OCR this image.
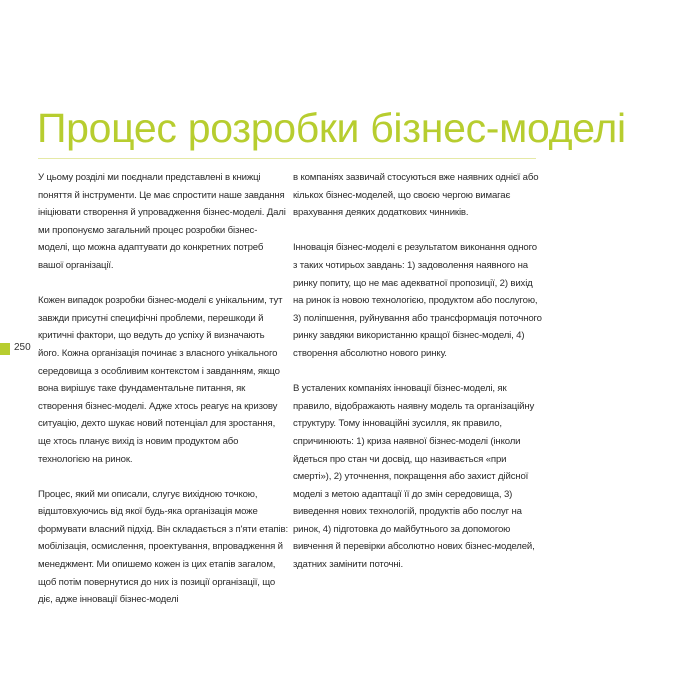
Процес розробки бізнес-моделі

У цьому розділі ми поєднали представлені в книжці поняття й інструменти. Це має спростити наше завдання ініціювати створення й упровадження бізнес-моделі. Далі ми пропонуємо загальний процес розробки бізнес-моделі, що можна адаптувати до конкретних потреб вашої організації.

Кожен випадок розробки бізнес-моделі є унікальним, тут завжди присутні специфічні проблеми, перешкоди й критичні фактори, що ведуть до успіху й визначають його. Кожна організація починає з власного унікального середовища з особливим контекстом і завданням, якщо вона вирішує таке фундаментальне питання, як створення бізнес-моделі. Адже хтось реагує на кризову ситуацію, дехто шукає новий потенціал для зростання, ще хтось планує вихід із новим продуктом або технологією на ринок.

Процес, який ми описали, слугує вихідною точкою, відштовхуючись від якої будь-яка організація може формувати власний підхід. Він складається з п'яти етапів: мобілізація, осмислення, проектування, впровадження й менеджмент. Ми опишемо кожен із цих етапів загалом, щоб потім повернутися до них із позиції організації, що діє, адже інновації бізнес-моделі

в компаніях зазвичай стосуються вже наявних однієї або кількох бізнес-моделей, що своєю чергою вимагає врахування деяких додаткових чинників.

Інновація бізнес-моделі є результатом виконання одного з таких чотирьох завдань: 1) задоволення наявного на ринку попиту, що не має адекватної пропозиції, 2) вихід на ринок із новою технологією, продуктом або послугою, 3) поліпшення, руйнування або трансформація поточного ринку завдяки використанню кращої бізнес-моделі, 4) створення абсолютно нового ринку.

В усталених компаніях інновації бізнес-моделі, як правило, відображають наявну модель та організаційну структуру. Тому інноваційні зусилля, як правило, спричинюють: 1) криза наявної бізнес-моделі (інколи йдеться про стан чи досвід, що називається «при смерті»), 2) уточнення, покращення або захист дійсної моделі з метою адаптації її до змін середовища, 3) виведення нових технологій, продуктів або послуг на ринок, 4) підготовка до майбутнього за допомогою вивчення й перевірки абсолютно нових бізнес-моделей, здатних замінити поточні.

250
